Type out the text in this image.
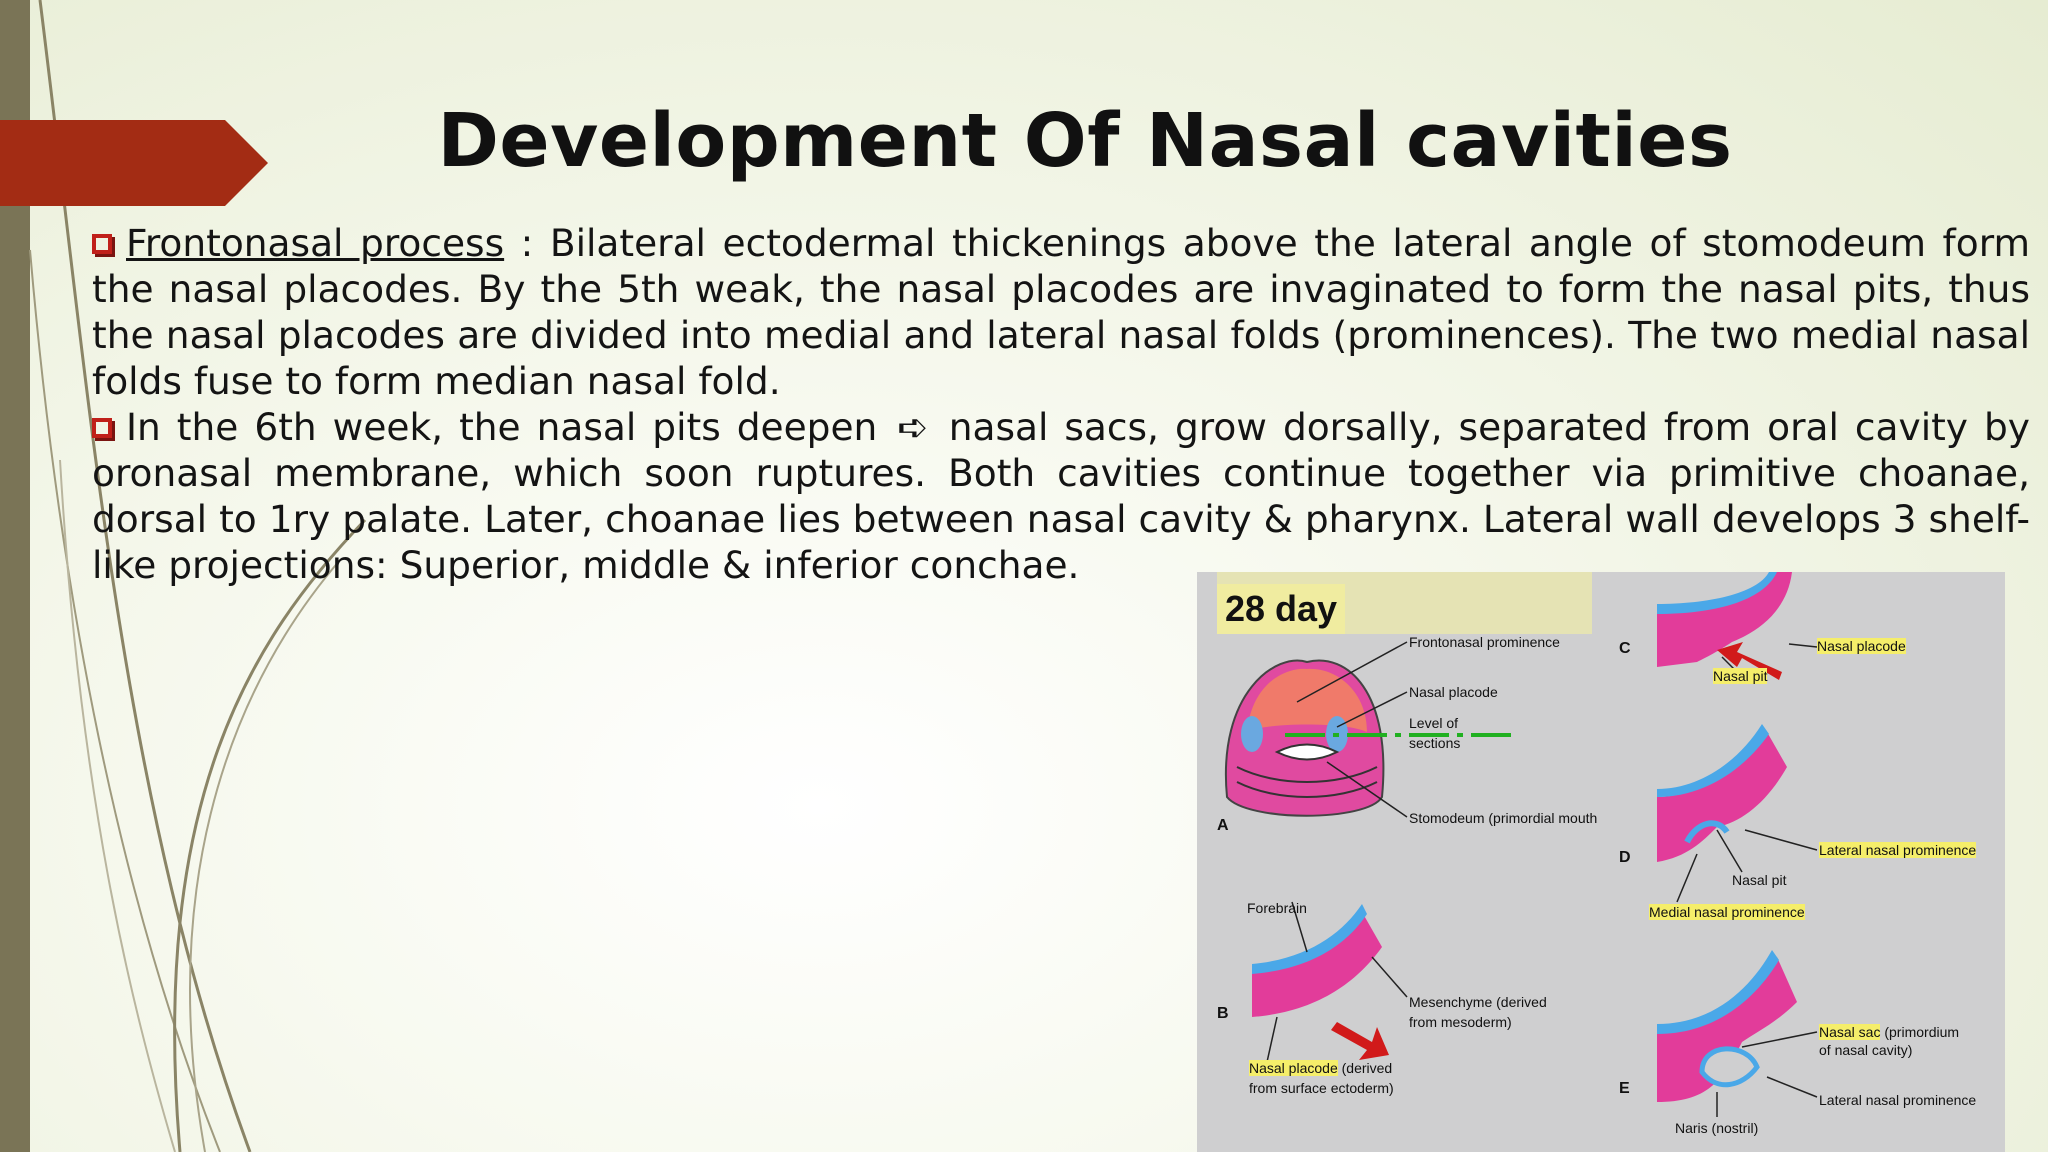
Development Of Nasal cavities

Frontonasal process : Bilateral ectodermal thickenings above the lateral angle of stomodeum form the nasal placodes. By the 5th weak, the nasal placodes are invaginated to form the nasal pits, thus the nasal placodes are divided into medial and lateral nasal folds (prominences). The two medial nasal folds fuse to form median nasal fold.

In the 6th week, the nasal pits deepen ➪ nasal sacs, grow dorsally, separated from oral cavity by oronasal membrane, which soon ruptures. Both cavities continue together via primitive choanae, dorsal to 1ry palate. Later, choanae lies between nasal cavity & pharynx. Lateral wall develops 3 shelf-like projections: Superior, middle & inferior conchae.

28 day
Frontonasal prominence
Nasal placode
Level of
sections
Stomodeum (primordial mouth
Forebrain
Mesenchyme (derived
from mesoderm)
Nasal placode (derived
from surface ectoderm)
Nasal placode
Nasal pit
Lateral nasal prominence
Nasal pit
Medial nasal prominence
Nasal sac (primordium
of nasal cavity)
Lateral nasal prominence
Naris (nostril)
A
B
C
D
E
